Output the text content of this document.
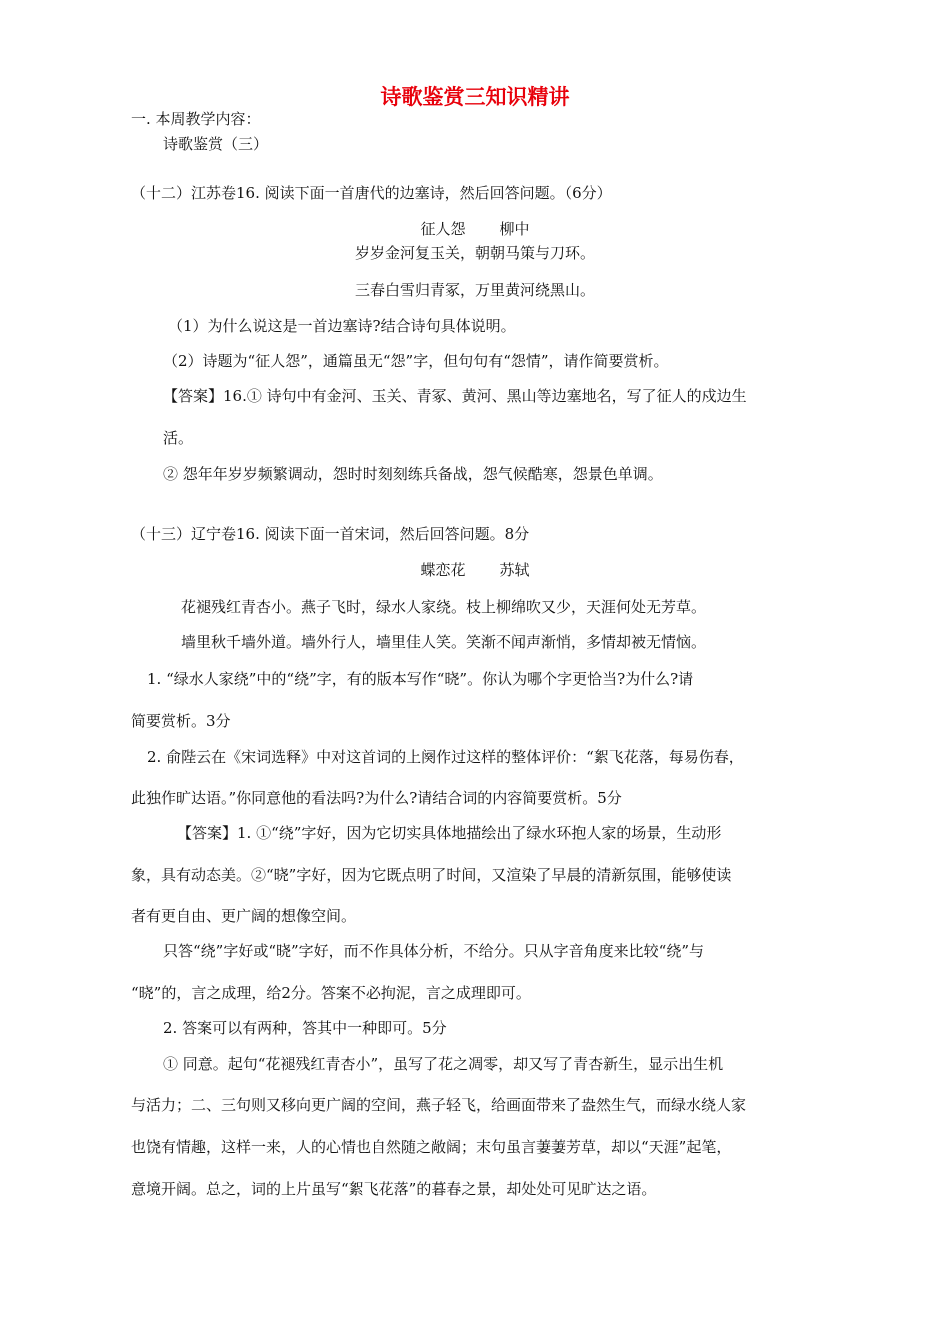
诗歌鉴赏三知识精讲
一. 本周教学内容：
诗歌鉴赏（三）
（十二）江苏卷16. 阅读下面一首唐代的边塞诗，然后回答问题。（6分）
征人怨 柳中
岁岁金河复玉关，朝朝马策与刀环。
三春白雪归青冢，万里黄河绕黑山。
（1）为什么说这是一首边塞诗?结合诗句具体说明。
（2）诗题为“征人怨”，通篇虽无“怨”字，但句句有“怨情”，请作简要赏析。
【答案】16.① 诗句中有金河、玉关、青冢、黄河、黑山等边塞地名，写了征人的戍边生
活。
② 怨年年岁岁频繁调动，怨时时刻刻练兵备战，怨气候酷寒，怨景色单调。
（十三）辽宁卷16. 阅读下面一首宋词，然后回答问题。8分
蝶恋花 苏轼
花褪残红青杏小。燕子飞时，绿水人家绕。枝上柳绵吹又少，天涯何处无芳草。
墙里秋千墙外道。墙外行人，墙里佳人笑。笑渐不闻声渐悄，多情却被无情恼。
1. “绿水人家绕”中的“绕”字，有的版本写作“晓”。你认为哪个字更恰当?为什么?请
简要赏析。3分
2. 俞陛云在《宋词选释》中对这首词的上阕作过这样的整体评价：“絮飞花落，每易伤春，
此独作旷达语。”你同意他的看法吗?为什么?请结合词的内容简要赏析。5分
【答案】1. ①“绕”字好，因为它切实具体地描绘出了绿水环抱人家的场景，生动形
象，具有动态美。②“晓”字好，因为它既点明了时间，又渲染了早晨的清新氛围，能够使读
者有更自由、更广阔的想像空间。
只答“绕”字好或“晓”字好，而不作具体分析，不给分。只从字音角度来比较“绕”与
“晓”的，言之成理，给2分。答案不必拘泥，言之成理即可。
2. 答案可以有两种，答其中一种即可。5分
① 同意。起句“花褪残红青杏小”，虽写了花之凋零，却又写了青杏新生，显示出生机
与活力；二、三句则又移向更广阔的空间，燕子轻飞，给画面带来了盎然生气，而绿水绕人家
也饶有情趣，这样一来，人的心情也自然随之敞阔；末句虽言萋萋芳草，却以“天涯”起笔，
意境开阔。总之，词的上片虽写“絮飞花落”的暮春之景，却处处可见旷达之语。
